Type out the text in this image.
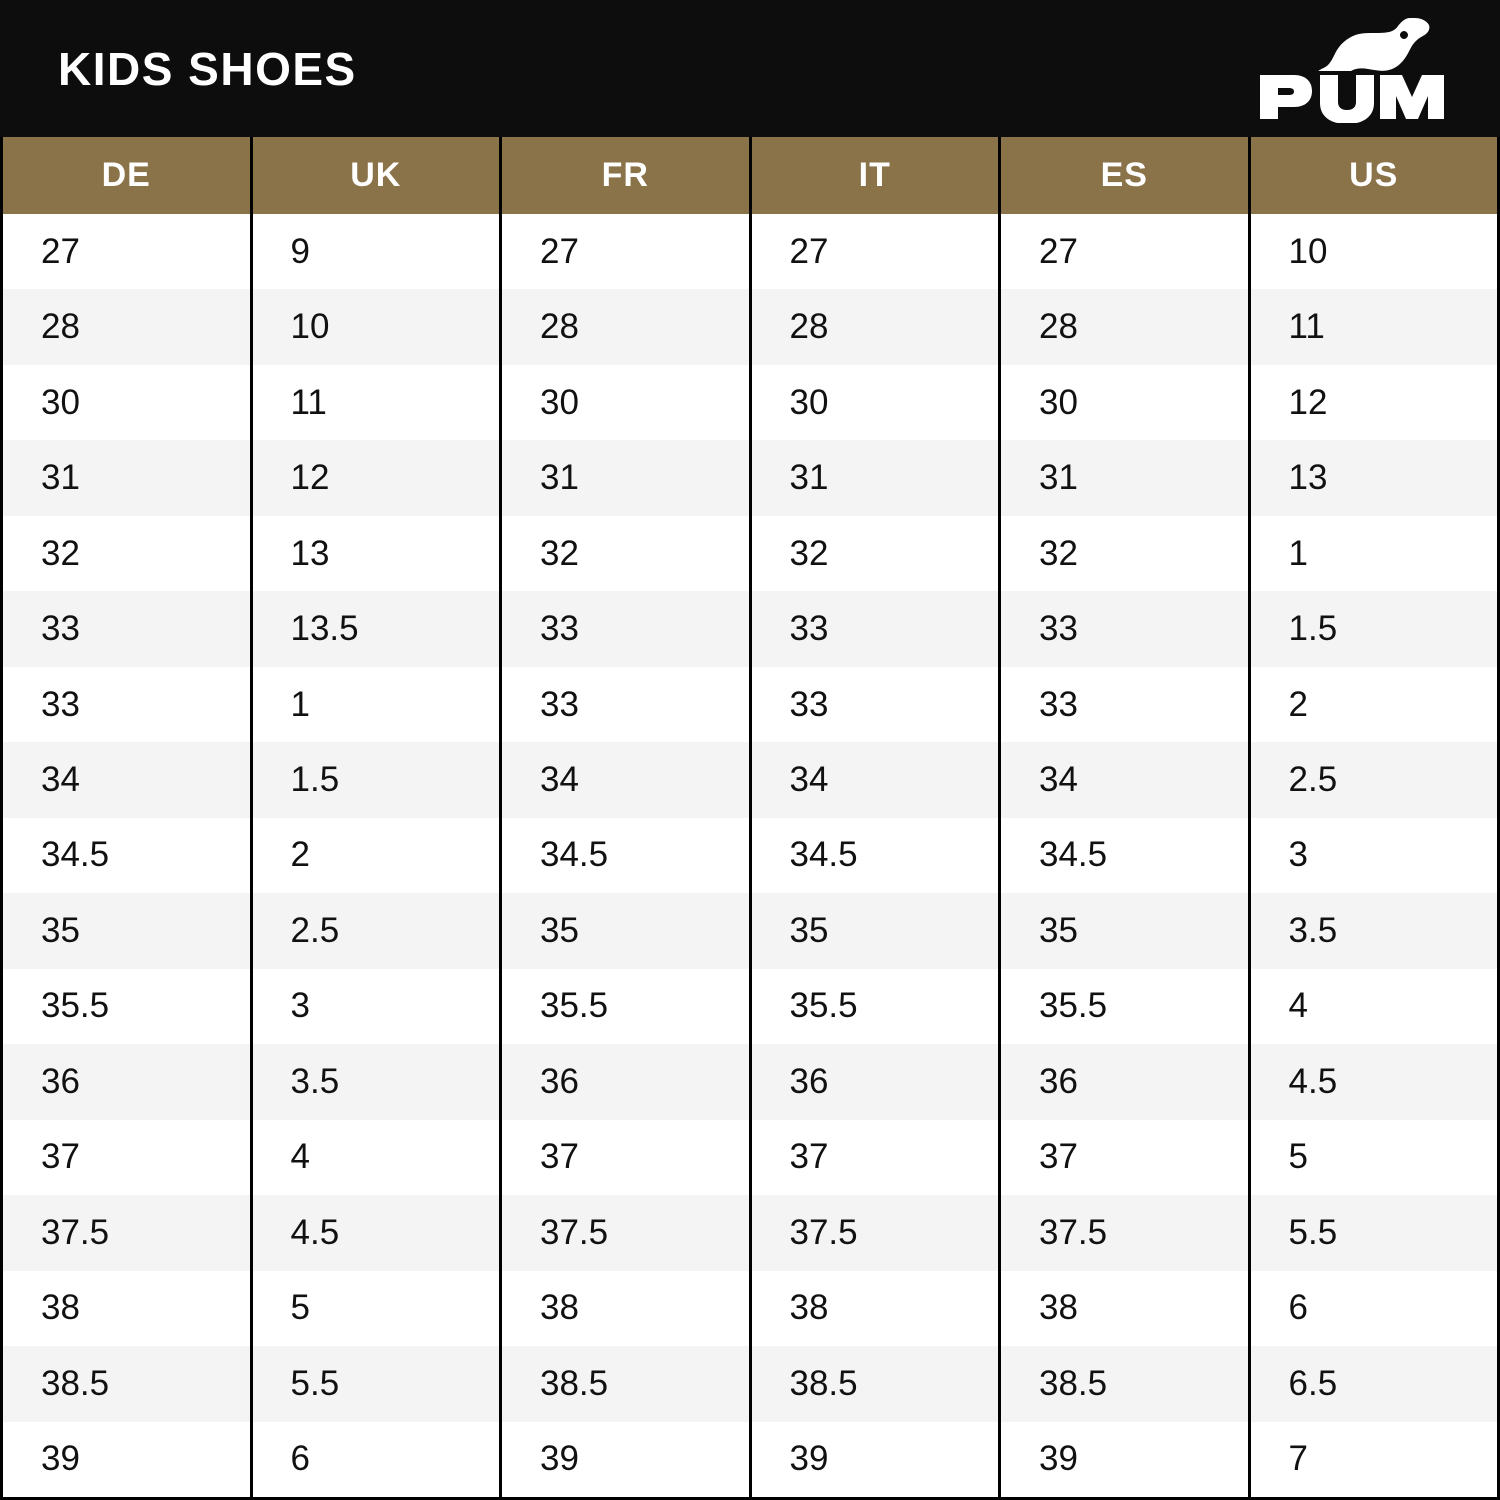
KIDS SHOES
DE	UK	FR	IT	ES	US
27	9	27	27	27	10
28	10	28	28	28	11
30	11	30	30	30	12
31	12	31	31	31	13
32	13	32	32	32	1
33	13.5	33	33	33	1.5
33	1	33	33	33	2
34	1.5	34	34	34	2.5
34.5	2	34.5	34.5	34.5	3
35	2.5	35	35	35	3.5
35.5	3	35.5	35.5	35.5	4
36	3.5	36	36	36	4.5
37	4	37	37	37	5
37.5	4.5	37.5	37.5	37.5	5.5
38	5	38	38	38	6
38.5	5.5	38.5	38.5	38.5	6.5
39	6	39	39	39	7
